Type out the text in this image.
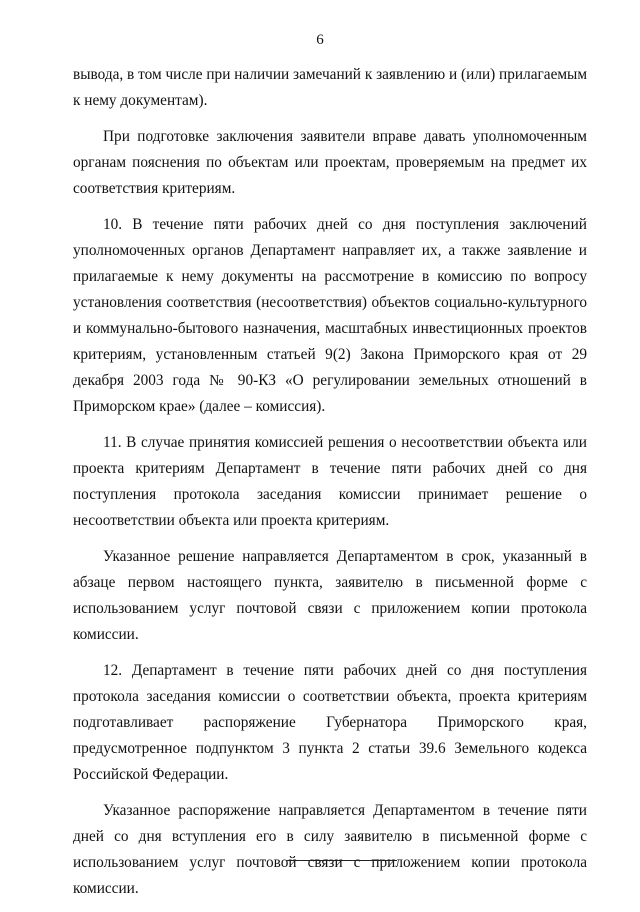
6

вывода, в том числе при наличии замечаний к заявлению и (или) прилагаемым к нему документам).

При подготовке заключения заявители вправе давать уполномоченным органам пояснения по объектам или проектам, проверяемым на предмет их соответствия критериям.

10. В течение пяти рабочих дней со дня поступления заключений уполномоченных органов Департамент направляет их, а также заявление и прилагаемые к нему документы на рассмотрение в комиссию по вопросу установления соответствия (несоответствия) объектов социально-культурного и коммунально-бытового назначения, масштабных инвестиционных проектов критериям, установленным статьей 9(2) Закона Приморского края от 29 декабря 2003 года № 90-КЗ «О регулировании земельных отношений в Приморском крае» (далее – комиссия).

11. В случае принятия комиссией решения о несоответствии объекта или проекта критериям Департамент в течение пяти рабочих дней со дня поступления протокола заседания комиссии принимает решение о несоответствии объекта или проекта критериям.

Указанное решение направляется Департаментом в срок, указанный в абзаце первом настоящего пункта, заявителю в письменной форме с использованием услуг почтовой связи с приложением копии протокола комиссии.

12. Департамент в течение пяти рабочих дней со дня поступления протокола заседания комиссии о соответствии объекта, проекта критериям подготавливает распоряжение Губернатора Приморского края, предусмотренное подпунктом 3 пункта 2 статьи 39.6 Земельного кодекса Российской Федерации.

Указанное распоряжение направляется Департаментом в течение пяти дней со дня вступления его в силу заявителю в письменной форме с использованием услуг почтовой связи с приложением копии протокола комиссии.
